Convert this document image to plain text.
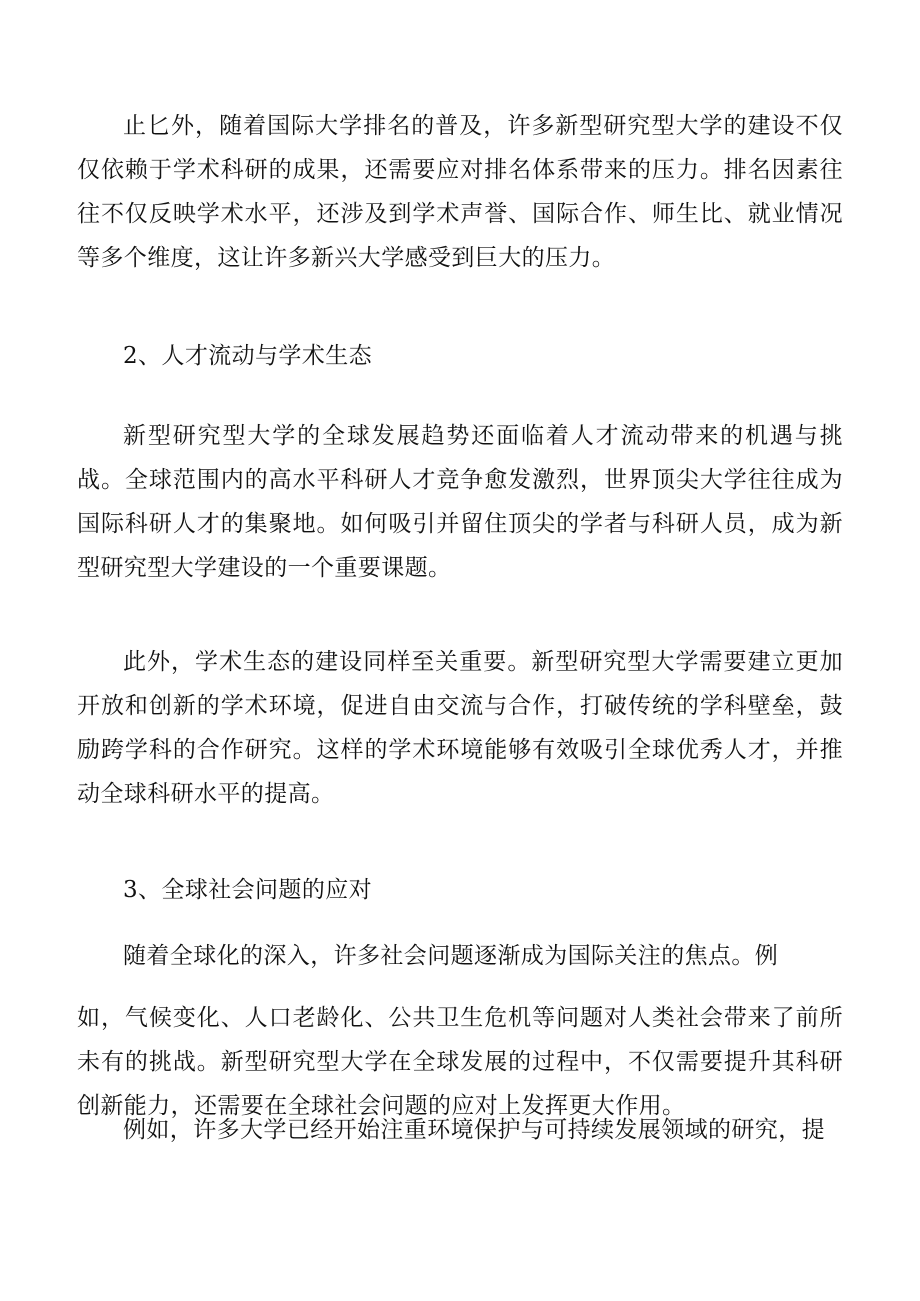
止匕外，随着国际大学排名的普及，许多新型研究型大学的建设不仅仅依赖于学术科研的成果，还需要应对排名体系带来的压力。排名因素往往不仅反映学术水平，还涉及到学术声誉、国际合作、师生比、就业情况等多个维度，这让许多新兴大学感受到巨大的压力。

2、人才流动与学术生态

新型研究型大学的全球发展趋势还面临着人才流动带来的机遇与挑战。全球范围内的高水平科研人才竞争愈发激烈，世界顶尖大学往往成为国际科研人才的集聚地。如何吸引并留住顶尖的学者与科研人员，成为新型研究型大学建设的一个重要课题。

此外，学术生态的建设同样至关重要。新型研究型大学需要建立更加开放和创新的学术环境，促进自由交流与合作，打破传统的学科壁垒，鼓励跨学科的合作研究。这样的学术环境能够有效吸引全球优秀人才，并推动全球科研水平的提高。

3、全球社会问题的应对

随着全球化的深入，许多社会问题逐渐成为国际关注的焦点。例

如，气候变化、人口老龄化、公共卫生危机等问题对人类社会带来了前所未有的挑战。新型研究型大学在全球发展的过程中，不仅需要提升其科研创新能力，还需要在全球社会问题的应对上发挥更大作用。

例如，许多大学已经开始注重环境保护与可持续发展领域的研究，提
